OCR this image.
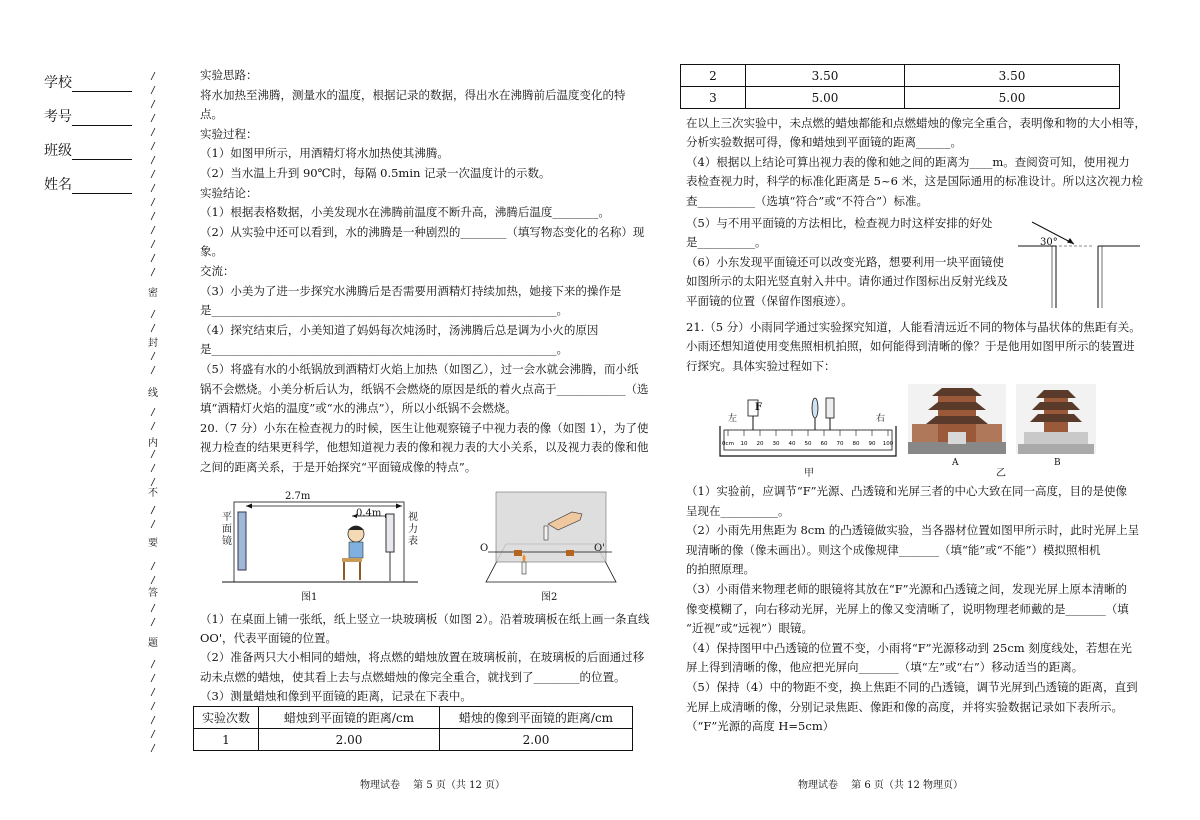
学校
考号
班级
姓名
密
封
线
内
不
要
答
题
实验思路：
将水加热至沸腾，测量水的温度，根据记录的数据，得出水在沸腾前后温度变化的特
点。
实验过程：
（1）如图甲所示，用酒精灯将水加热使其沸腾。
（2）当水温上升到 90℃时，每隔 0.5min 记录一次温度计的示数。
实验结论：
（1）根据表格数据，小美发现水在沸腾前温度不断升高，沸腾后温度________。
（2）从实验中还可以看到，水的沸腾是一种剧烈的________（填写物态变化的名称）现
象。
交流：
（3）小美为了进一步探究水沸腾后是否需要用酒精灯持续加热，她接下来的操作是
是____________________________________________________________。
（4）探究结束后，小美知道了妈妈每次炖汤时，汤沸腾后总是调为小火的原因
是____________________________________________________________。
（5）将盛有水的小纸锅放到酒精灯火焰上加热（如图乙），过一会水就会沸腾，而小纸
锅不会燃烧。小美分析后认为，纸锅不会燃烧的原因是纸的着火点高于____________（选
填“酒精灯火焰的温度”或“水的沸点”），所以小纸锅不会燃烧。
20.（7 分）小东在检查视力的时候，医生让他观察镜子中视力表的像（如图 1），为了使
视力检查的结果更科学，他想知道视力表的像和视力表的大小关系，以及视力表的像和他
之间的距离关系，于是开始探究“平面镜成像的特点”。
2.7m
0.4m
平面镜
视力表
图1
O	O'
图2
（1）在桌面上铺一张纸，纸上竖立一块玻璃板（如图 2）。沿着玻璃板在纸上画一条直线
OO'，代表平面镜的位置。
（2）准备两只大小相同的蜡烛，将点燃的蜡烛放置在玻璃板前，在玻璃板的后面通过移
动未点燃的蜡烛，使其看上去与点燃蜡烛的像完全重合，就找到了________的位置。
（3）测量蜡烛和像到平面镜的距离，记录在下表中。
实验次数	蜡烛到平面镜的距离/cm	蜡烛的像到平面镜的距离/cm
1	2.00	2.00
物理试卷　 第 5 页（共 12 页）
2	3.50	3.50
3	5.00	5.00
在以上三次实验中，未点燃的蜡烛都能和点燃蜡烛的像完全重合，表明像和物的大小相等，
分析实验数据可得，像和蜡烛到平面镜的距离______。
（4）根据以上结论可算出视力表的像和她之间的距离为____m。查阅资可知，使用视力
表检查视力时，科学的标准化距离是 5~6 米，这是国际通用的标准设计。所以这次视力检
查__________（选填“符合”或“不符合”）标准。
（5）与不用平面镜的方法相比，检查视力时这样安排的好处
是__________。
（6）小东发现平面镜还可以改变光路，想要利用一块平面镜使
如图所示的太阳光竖直射入井中。请你通过作图标出反射光线及
平面镜的位置（保留作图痕迹）。
21.（5 分）小雨同学通过实验探究知道，人能看清远近不同的物体与晶状体的焦距有关。
小雨还想知道使用变焦照相机拍照，如何能得到清晰的像？于是他用如图甲所示的装置进
行探究。具体实验过程如下：
（1）实验前，应调节“F”光源、凸透镜和光屏三者的中心大致在同一高度，目的是使像
呈现在__________。
（2）小雨先用焦距为 8cm 的凸透镜做实验，当各器材位置如图甲所示时，此时光屏上呈
现清晰的像（像未画出）。则这个成像规律_______（填“能”或“不能”）模拟照相机
的拍照原理。
（3）小雨借来物理老师的眼镜将其放在“F”光源和凸透镜之间，发现光屏上原本清晰的
像变模糊了，向右移动光屏，光屏上的像又变清晰了，说明物理老师戴的是_______（填
“近视”或“远视”）眼镜。
（4）保持图甲中凸透镜的位置不变，小雨将“F”光源移动到 25cm 刻度线处，若想在光
屏上得到清晰的像，他应把光屏向_______（填“左”或“右”）移动适当的距离。
（5）保持（4）中的物距不变，换上焦距不同的凸透镜，调节光屏到凸透镜的距离，直到
光屏上成清晰的像，分别记录焦距、像距和像的高度，并将实验数据记录如下表所示。
（“F”光源的高度 H=5cm）
30°
0cm 10 20 30 40 50 60 70 80 90 100
左	右
F
甲
A	B
乙
物理试卷　 第 6 页（共 12 物理页）
